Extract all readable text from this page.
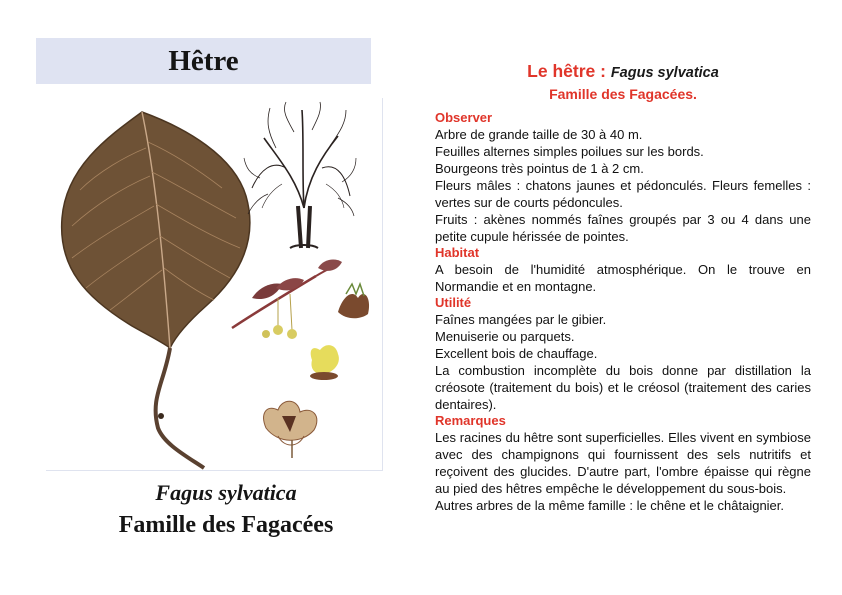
Hêtre
Fagus sylvatica
Famille des Fagacées
Le hêtre : Fagus sylvatica
Famille des Fagacées.

Observer

Arbre de grande taille de 30 à 40 m.

Feuilles alternes simples poilues sur les bords.

Bourgeons très pointus de 1 à 2 cm.

Fleurs mâles : chatons jaunes et pédonculés. Fleurs femelles : vertes sur de courts pédoncules.

Fruits : akènes nommés faînes groupés par 3 ou 4 dans une petite cupule hérissée de pointes.

Habitat

A besoin de l'humidité atmosphérique. On le trouve en Normandie et en montagne.

Utilité

Faînes mangées par le gibier.

Menuiserie ou parquets.

Excellent bois de chauffage.

La combustion incomplète du bois donne par distillation la créosote (traitement du bois) et le créosol (traitement des caries dentaires).

Remarques

Les racines du hêtre sont superficielles. Elles vivent en symbiose avec des champignons qui fournissent des sels nutritifs et reçoivent des glucides. D'autre part, l'ombre épaisse qui règne au pied des hêtres empêche le développement du sous-bois.

Autres arbres de la même famille : le chêne et le châtaignier.
